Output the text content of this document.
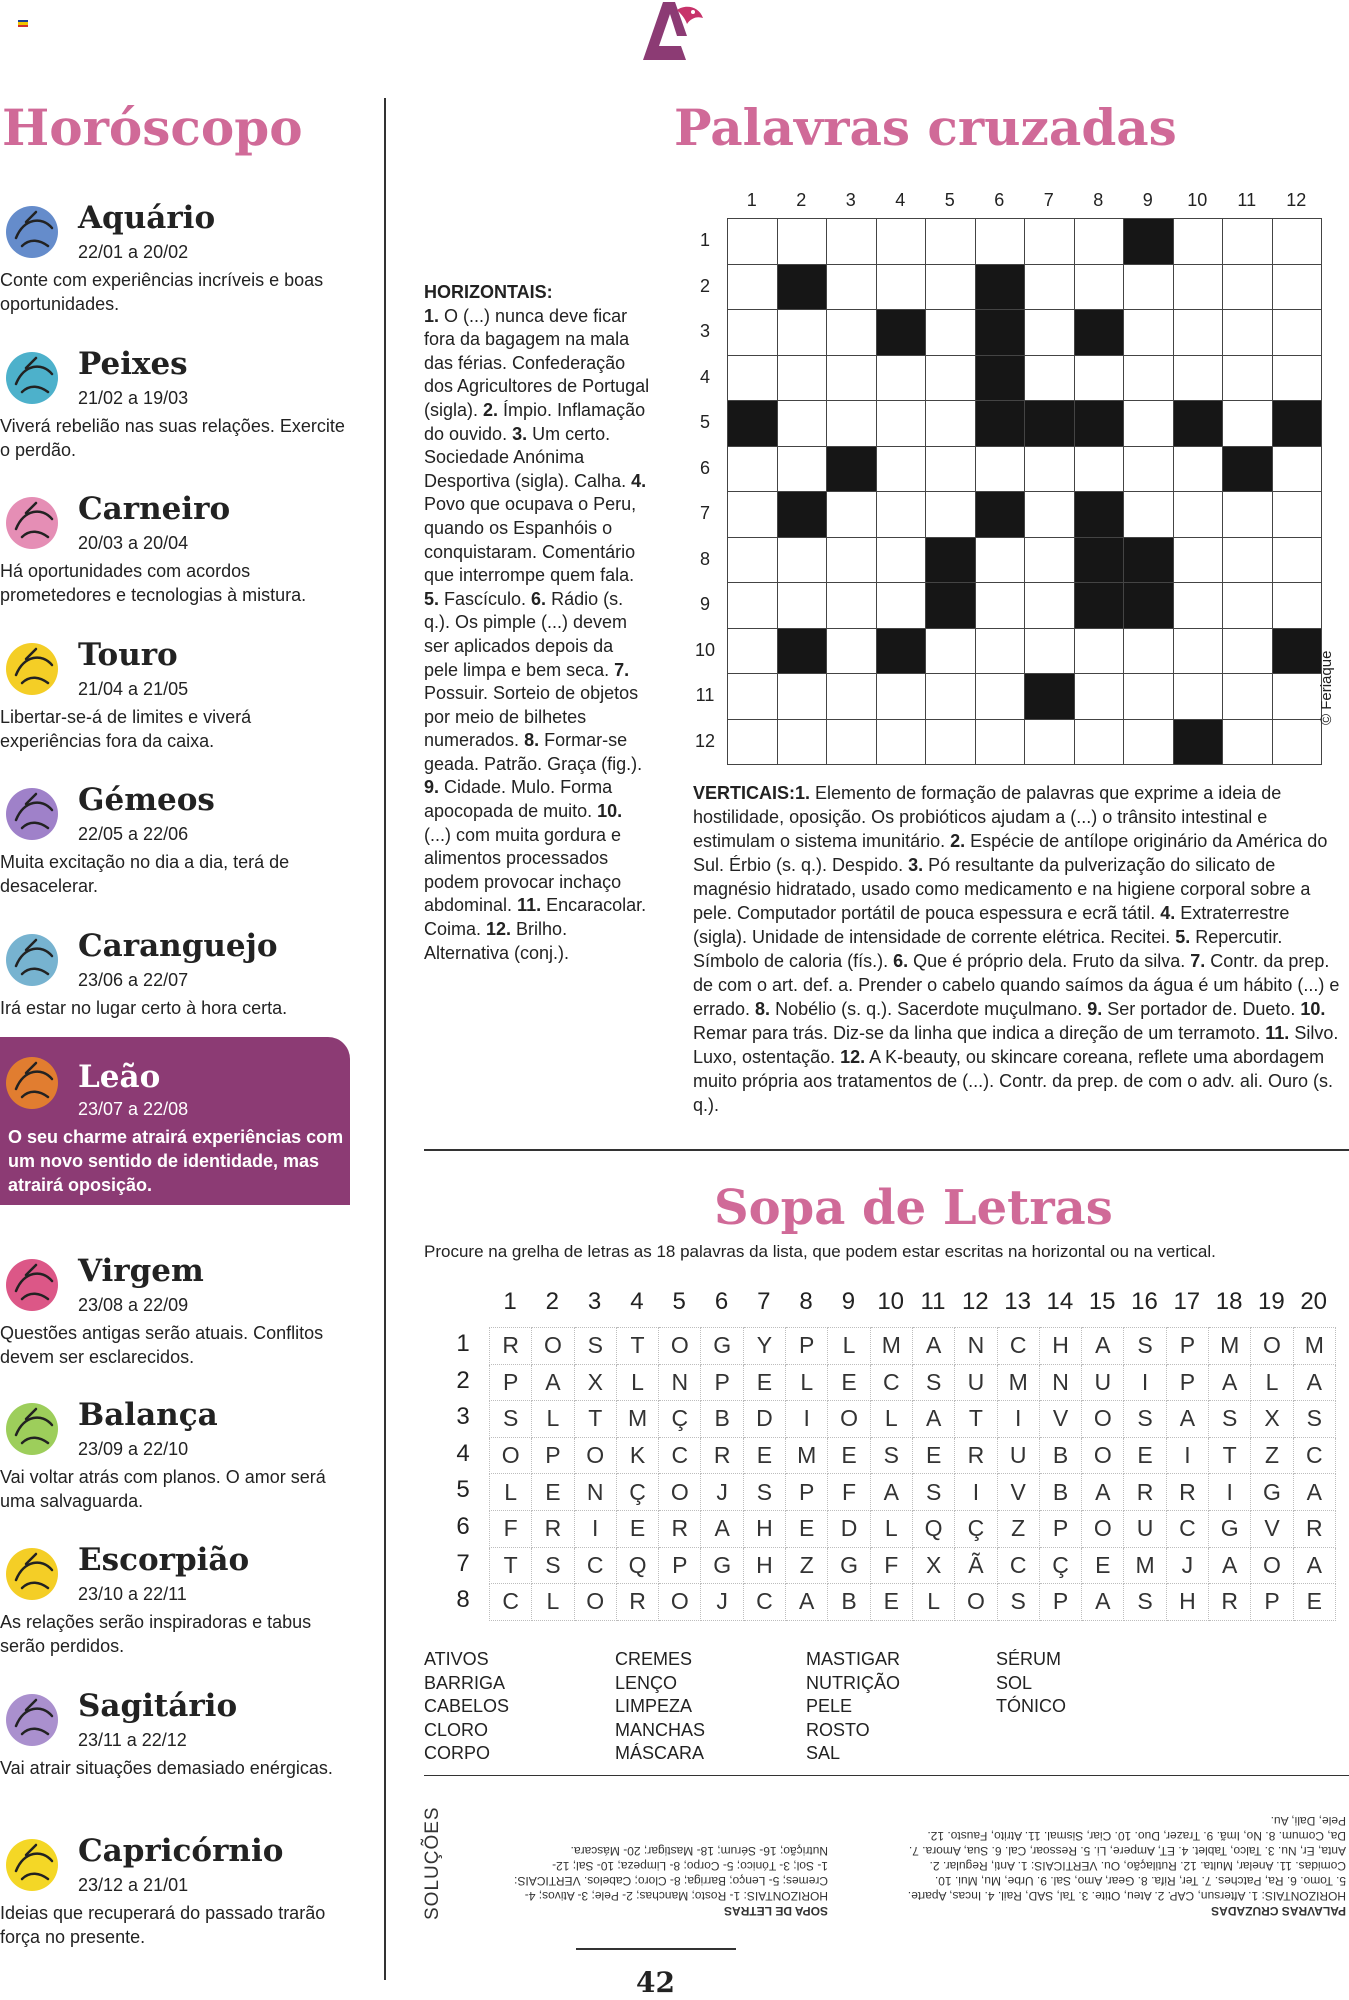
Horóscopo
Aquário
22/01 a 20/02
Conte com experiências incríveis e boas oportunidades.
Peixes
21/02 a 19/03
Viverá rebelião nas suas relações. Exercite o perdão.
Carneiro
20/03 a 20/04
Há oportunidades com acordos prometedores e tecnologias à mistura.
Touro
21/04 a 21/05
Libertar-se-á de limites e viverá experiências fora da caixa.
Gémeos
22/05 a 22/06
Muita excitação no dia a dia, terá de desacelerar.
Caranguejo
23/06 a 22/07
Irá estar no lugar certo à hora certa.
Leão
23/07 a 22/08
O seu charme atrairá experiências com um novo sentido de identidade, mas atrairá oposição.
Virgem
23/08 a 22/09
Questões antigas serão atuais. Conflitos devem ser esclarecidos.
Balança
23/09 a 22/10
Vai voltar atrás com planos. O amor será uma salvaguarda.
Escorpião
23/10 a 22/11
As relações serão inspiradoras e tabus serão perdidos.
Sagitário
23/11 a 22/12
Vai atrair situações demasiado enérgicas.
Capricórnio
23/12 a 21/01
Ideias que recuperará do passado trarão força no presente.
Palavras cruzadas
1	2	3	4	5	6	7	8	9	10	11	12
1
2
3
4
5
6
7
8
9
10
11
12

© Feriaque
HORIZONTAIS:
1. O (...) nunca deve ficar fora da bagagem na mala das férias. Confederação dos Agricultores de Portugal (sigla). 2. Ímpio. Inflamação do ouvido. 3. Um certo. Sociedade Anónima Desportiva (sigla). Calha. 4. Povo que ocupava o Peru, quando os Espanhóis o conquistaram. Comentário que interrompe quem fala. 5. Fascículo. 6. Rádio (s. q.). Os pimple (...) devem ser aplicados depois da pele limpa e bem seca. 7. Possuir. Sorteio de objetos por meio de bilhetes numerados. 8. Formar-se geada. Patrão. Graça (fig.). 9. Cidade. Mulo. Forma apocopada de muito. 10. (...) com muita gordura e alimentos processados podem provocar inchaço abdominal. 11. Encaracolar. Coima. 12. Brilho. Alternativa (conj.).
VERTICAIS:1. Elemento de formação de palavras que exprime a ideia de hostilidade, oposição. Os probióticos ajudam a (...) o trânsito intestinal e estimulam o sistema imunitário. 2. Espécie de antílope originário da América do Sul. Érbio (s. q.). Despido. 3. Pó resultante da pulverização do silicato de magnésio hidratado, usado como medicamento e na higiene corporal sobre a pele. Computador portátil de pouca espessura e ecrã tátil. 4. Extraterrestre (sigla). Unidade de intensidade de corrente elétrica. Recitei. 5. Repercutir. Símbolo de caloria (fís.). 6. Que é próprio dela. Fruto da silva. 7. Contr. da prep. de com o art. def. a. Prender o cabelo quando saímos da água é um hábito (...) e errado. 8. Nobélio (s. q.). Sacerdote muçulmano. 9. Ser portador de. Dueto. 10. Remar para trás. Diz-se da linha que indica a direção de um terramoto. 11. Silvo. Luxo, ostentação. 12. A K-beauty, ou skincare coreana, reflete uma abordagem muito própria aos tratamentos de (...). Contr. da prep. de com o adv. ali. Ouro (s. q.).
Sopa de Letras
Procure na grelha de letras as 18 palavras da lista, que podem estar escritas na horizontal ou na vertical.
1	2	3	4	5	6	7	8	9 10 11 12 13 14 15 16 17 18 19 20
1
2
3
4
5
6
7
8
R	O	S	T	O	G	Y	P	L	M	A	N	C	H	A	S	P	M	O	M
P	A	X	L	N	P	E	L	E	C	S	U	M	N	U	I	P	A	L	A
S	L	T	M	Ç	B	D	I	O	L	A	T	I	V	O	S	A	S	X	S
O	P	O	K	C	R	E	M	E	S	E	R	U	B	O	E	I	T	Z	C
L	E	N	Ç	O	J	S	P	F	A	S	I	V	B	A	R	R	I	G	A
F	R	I	E	R	A	H	E	D	L	Q	Ç	Z	P	O	U	C	G	V	R
T	S	C	Q	P	G	H	Z	G	F	X	Ã	C	Ç	E	M	J	A	O	A
C	L	O	R	O	J	C	A	B	E	L	O	S	P	A	S	H	R	P	E
ATIVOS
BARRIGA
CABELOS
CLORO
CORPO
CREMES
LENÇO
LIMPEZA
MANCHAS
MÁSCARA
MASTIGAR
NUTRIÇÃO
PELE
ROSTO
SAL
SÉRUM
SOL
TÓNICO
SOLUÇÕES	SOPA DE LETRAS
HORIZONTAIS: 1- Rosto; Manchas; 2- Pele; 3- Ativos; 4- Cremes; 5- Lenço; Barriga; 8- Cloro; Cabelos. VERTICAIS: 1- Sol; 3- Tónico; 5- Corpo; 8- Limpeza; 10- Sal; 12- Nutrição; 16- Sérum; 18- Mastigar; 20- Máscara.
PALAVRAS CRUZADAS
HORIZONTAIS: 1. Aftersun, CAP. 2. Ateu, Otite. 3. Tal, SAD, Rail. 4. Incas, Aparte. 5. Tomo. 6. Ra, Patches. 7. Ter, Rifa. 8. Gear, Amo, Sal. 9. Urbe, Mu, Mui. 10. Comidas. 11. Anelar, Multa. 12. Rutilação, Ou. VERTICAIS: 1. Anti, Regular. 2. Anta, Er, Nu. 3. Talco, Tablet. 4. ET, Ampere, Li. 5. Ressoar, Cal. 6. Sua, Amora. 7. Da, Comum. 8. No, Imã. 9. Trazer, Duo. 10. Ciar, Sismal. 11. Atrito, Fausto. 12. Pele, Dali, Au.
42
